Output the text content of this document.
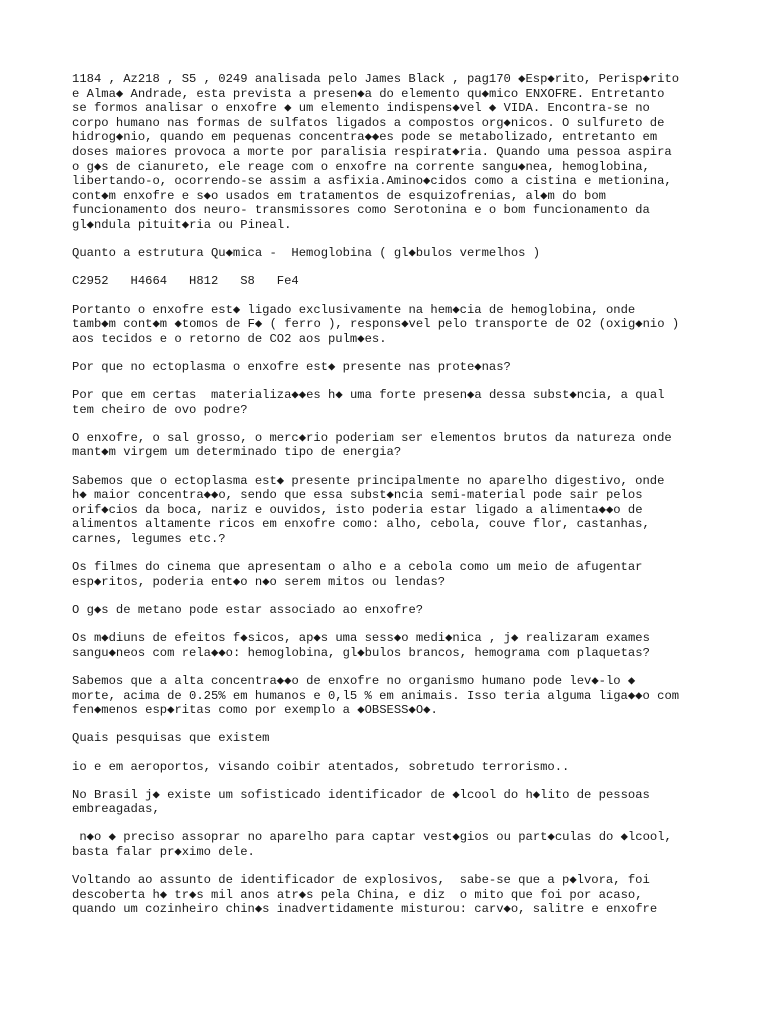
1184 , Az218 , S5 , 0249 analisada pelo James Black , pag170 ◆Esp◆rito, Perisp◆rito
e Alma◆ Andrade, esta prevista a presen◆a do elemento qu◆mico ENXOFRE. Entretanto
se formos analisar o enxofre ◆ um elemento indispens◆vel ◆ VIDA. Encontra-se no
corpo humano nas formas de sulfatos ligados a compostos org◆nicos. O sulfureto de
hidrog◆nio, quando em pequenas concentra◆◆es pode se metabolizado, entretanto em
doses maiores provoca a morte por paralisia respirat◆ria. Quando uma pessoa aspira
o g◆s de cianureto, ele reage com o enxofre na corrente sangu◆nea, hemoglobina,
libertando-o, ocorrendo-se assim a asfixia.Amino◆cidos como a cistina e metionina,
cont◆m enxofre e s◆o usados em tratamentos de esquizofrenias, al◆m do bom
funcionamento dos neuro- transmissores como Serotonina e o bom funcionamento da
gl◆ndula pituit◆ria ou Pineal.

Quanto a estrutura Qu◆mica -  Hemoglobina ( gl◆bulos vermelhos )

C2952   H4664   H812   S8   Fe4

Portanto o enxofre est◆ ligado exclusivamente na hem◆cia de hemoglobina, onde
tamb◆m cont◆m ◆tomos de F◆ ( ferro ), respons◆vel pelo transporte de O2 (oxig◆nio )
aos tecidos e o retorno de CO2 aos pulm◆es.

Por que no ectoplasma o enxofre est◆ presente nas prote◆nas?

Por que em certas  materializa◆◆es h◆ uma forte presen◆a dessa subst◆ncia, a qual
tem cheiro de ovo podre?

O enxofre, o sal grosso, o merc◆rio poderiam ser elementos brutos da natureza onde
mant◆m virgem um determinado tipo de energia?

Sabemos que o ectoplasma est◆ presente principalmente no aparelho digestivo, onde
h◆ maior concentra◆◆o, sendo que essa subst◆ncia semi-material pode sair pelos
orif◆cios da boca, nariz e ouvidos, isto poderia estar ligado a alimenta◆◆o de
alimentos altamente ricos em enxofre como: alho, cebola, couve flor, castanhas,
carnes, legumes etc.?

Os filmes do cinema que apresentam o alho e a cebola como um meio de afugentar
esp◆ritos, poderia ent◆o n◆o serem mitos ou lendas?

O g◆s de metano pode estar associado ao enxofre?

Os m◆diuns de efeitos f◆sicos, ap◆s uma sess◆o medi◆nica , j◆ realizaram exames
sangu◆neos com rela◆◆o: hemoglobina, gl◆bulos brancos, hemograma com plaquetas?

Sabemos que a alta concentra◆◆o de enxofre no organismo humano pode lev◆-lo ◆
morte, acima de 0.25% em humanos e 0,l5 % em animais. Isso teria alguma liga◆◆o com
fen◆menos esp◆ritas como por exemplo a ◆OBSESS◆O◆.

Quais pesquisas que existem

io e em aeroportos, visando coibir atentados, sobretudo terrorismo..

No Brasil j◆ existe um sofisticado identificador de ◆lcool do h◆lito de pessoas
embreagadas,

n◆o ◆ preciso assoprar no aparelho para captar vest◆gios ou part◆culas do ◆lcool,
basta falar pr◆ximo dele.

Voltando ao assunto de identificador de explosivos,  sabe-se que a p◆lvora, foi
descoberta h◆ tr◆s mil anos atr◆s pela China, e diz  o mito que foi por acaso,
quando um cozinheiro chin◆s inadvertidamente misturou: carv◆o, salitre e enxofre
